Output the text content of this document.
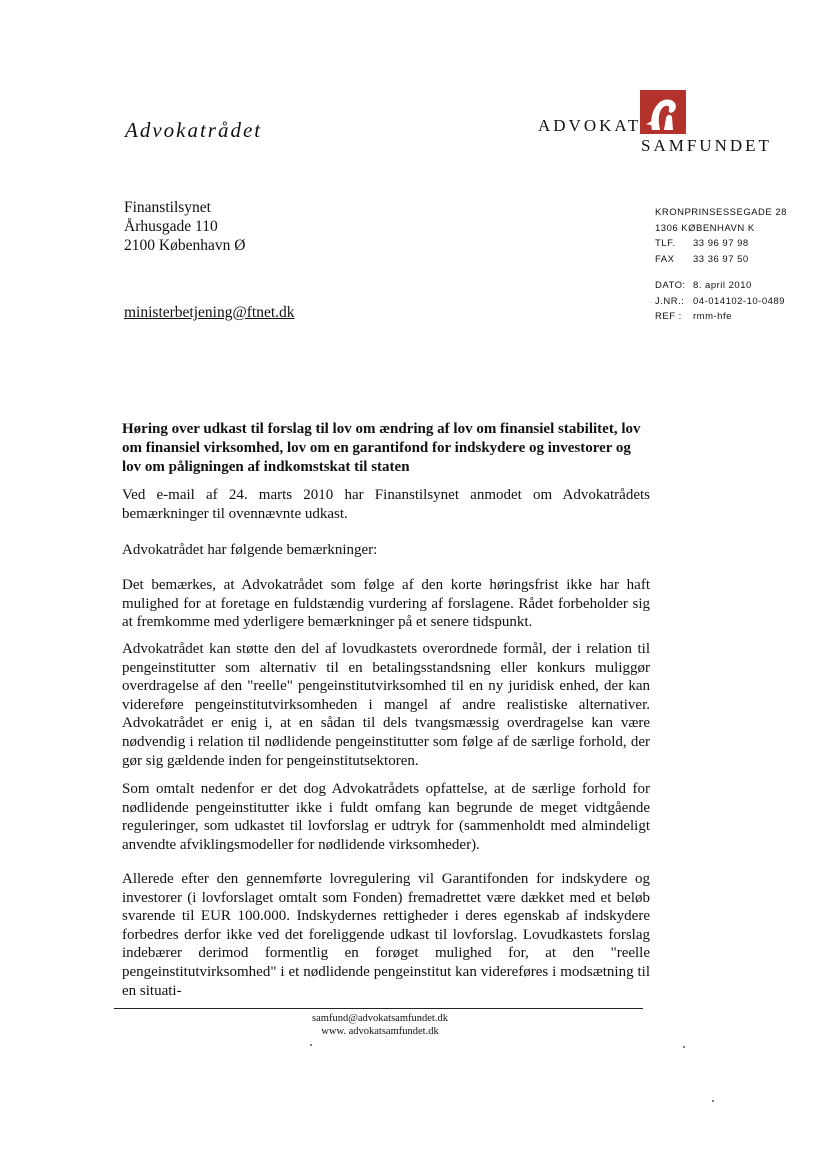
Advokatrådet	ADVOKAT
SAMFUNDET
Finanstilsynet
Århusgade 110
2100 København Ø
ministerbetjening@ftnet.dk
KRONPRINSESSEGADE 28
1306 KØBENHAVN K
TLF. 33 96 97 98
FAX 33 36 97 50
DATO: 8. april 2010
J.NR.: 04-014102-10-0489
REF : rmm-hfe
Høring over udkast til forslag til lov om ændring af lov om finansiel stabilitet, lov om finansiel virksomhed, lov om en garantifond for indskydere og investorer og lov om påligningen af indkomstskat til staten
Ved e-mail af 24. marts 2010 har Finanstilsynet anmodet om Advokatrådets bemærkninger til ovennævnte udkast.
Advokatrådet har følgende bemærkninger:
Det bemærkes, at Advokatrådet som følge af den korte høringsfrist ikke har haft mulighed for at foretage en fuldstændig vurdering af forslagene. Rådet forbeholder sig at fremkomme med yderligere bemærkninger på et senere tidspunkt.
Advokatrådet kan støtte den del af lovudkastets overordnede formål, der i relation til pengeinstitutter som alternativ til en betalingsstandsning eller konkurs muliggør overdragelse af den "reelle" pengeinstitutvirksomhed til en ny juridisk enhed, der kan videreføre pengeinstitutvirksomheden i mangel af andre realistiske alternativer. Advokatrådet er enig i, at en sådan til dels tvangsmæssig overdragelse kan være nødvendig i relation til nødlidende pengeinstitutter som følge af de særlige forhold, der gør sig gældende inden for pengeinstitutsektoren.
Som omtalt nedenfor er det dog Advokatrådets opfattelse, at de særlige forhold for nødlidende pengeinstitutter ikke i fuldt omfang kan begrunde de meget vidtgående reguleringer, som udkastet til lovforslag er udtryk for (sammenholdt med almindeligt anvendte afviklingsmodeller for nødlidende virksomheder).
Allerede efter den gennemførte lovregulering vil Garantifonden for indskydere og investorer (i lovforslaget omtalt som Fonden) fremadrettet være dækket med et beløb svarende til EUR 100.000. Indskydernes rettigheder i deres egenskab af indskydere forbedres derfor ikke ved det foreliggende udkast til lovforslag. Lovudkastets forslag indebærer derimod formentlig en forøget mulighed for, at den "reelle pengeinstitutvirksomhed" i et nødlidende pengeinstitut kan videreføres i modsætning til en situati-
samfund@advokatsamfundet.dk
www. advokatsamfundet.dk
